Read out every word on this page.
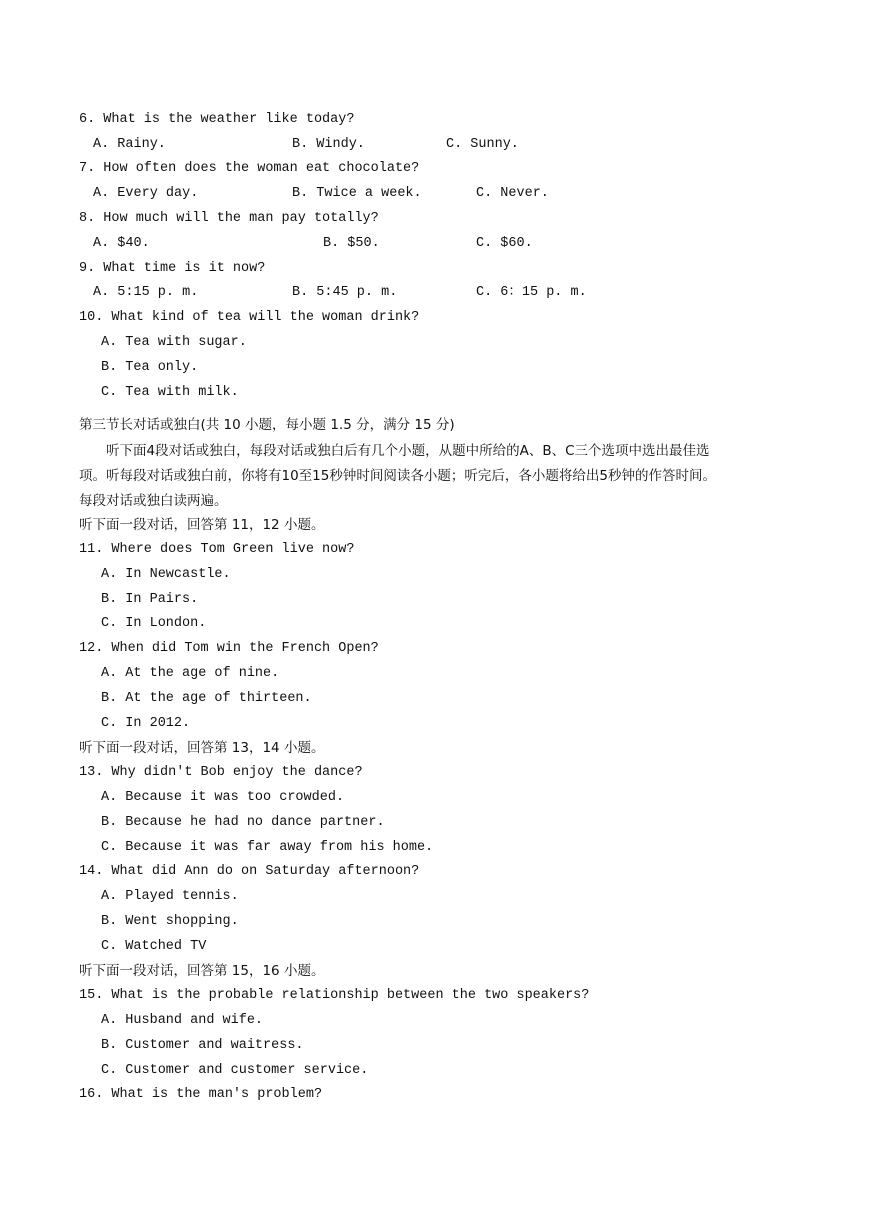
6. What is the weather like today?
A. Rainy.	B. Windy.	C. Sunny.
7. How often does the woman eat chocolate?
A. Every day.	B. Twice a week.	C. Never.
8. How much will the man pay totally?
A. $40.	B. $50.	C. $60.
9. What time is it now?
A. 5:15 p. m.	B. 5:45 p. m.	C. 6：15 p. m.
10. What kind of tea will the woman drink?
A. Tea with sugar.
B. Tea only.
C. Tea with milk.
第三节长对话或独白(共 10 小题，每小题 1.5 分，满分 15 分)
听下面4段对话或独白，每段对话或独白后有几个小题，从题中所给的A、B、C三个选项中选出最佳选项。听每段对话或独白前，你将有10至15秒钟时间阅读各小题；听完后，各小题将给出5秒钟的作答时间。每段对话或独白读两遍。
听下面一段对话，回答第 11，12 小题。
11. Where does Tom Green live now?
A. In Newcastle.
B. In Pairs.
C. In London.
12. When did Tom win the French Open?
A. At the age of nine.
B. At the age of thirteen.
C. In 2012.
听下面一段对话，回答第 13，14 小题。
13. Why didn't Bob enjoy the dance?
A. Because it was too crowded.
B. Because he had no dance partner.
C. Because it was far away from his home.
14. What did Ann do on Saturday afternoon?
A. Played tennis.
B. Went shopping.
C. Watched TV
听下面一段对话，回答第 15，16 小题。
15. What is the probable relationship between the two speakers?
A. Husband and wife.
B. Customer and waitress.
C. Customer and customer service.
16. What is the man's problem?
